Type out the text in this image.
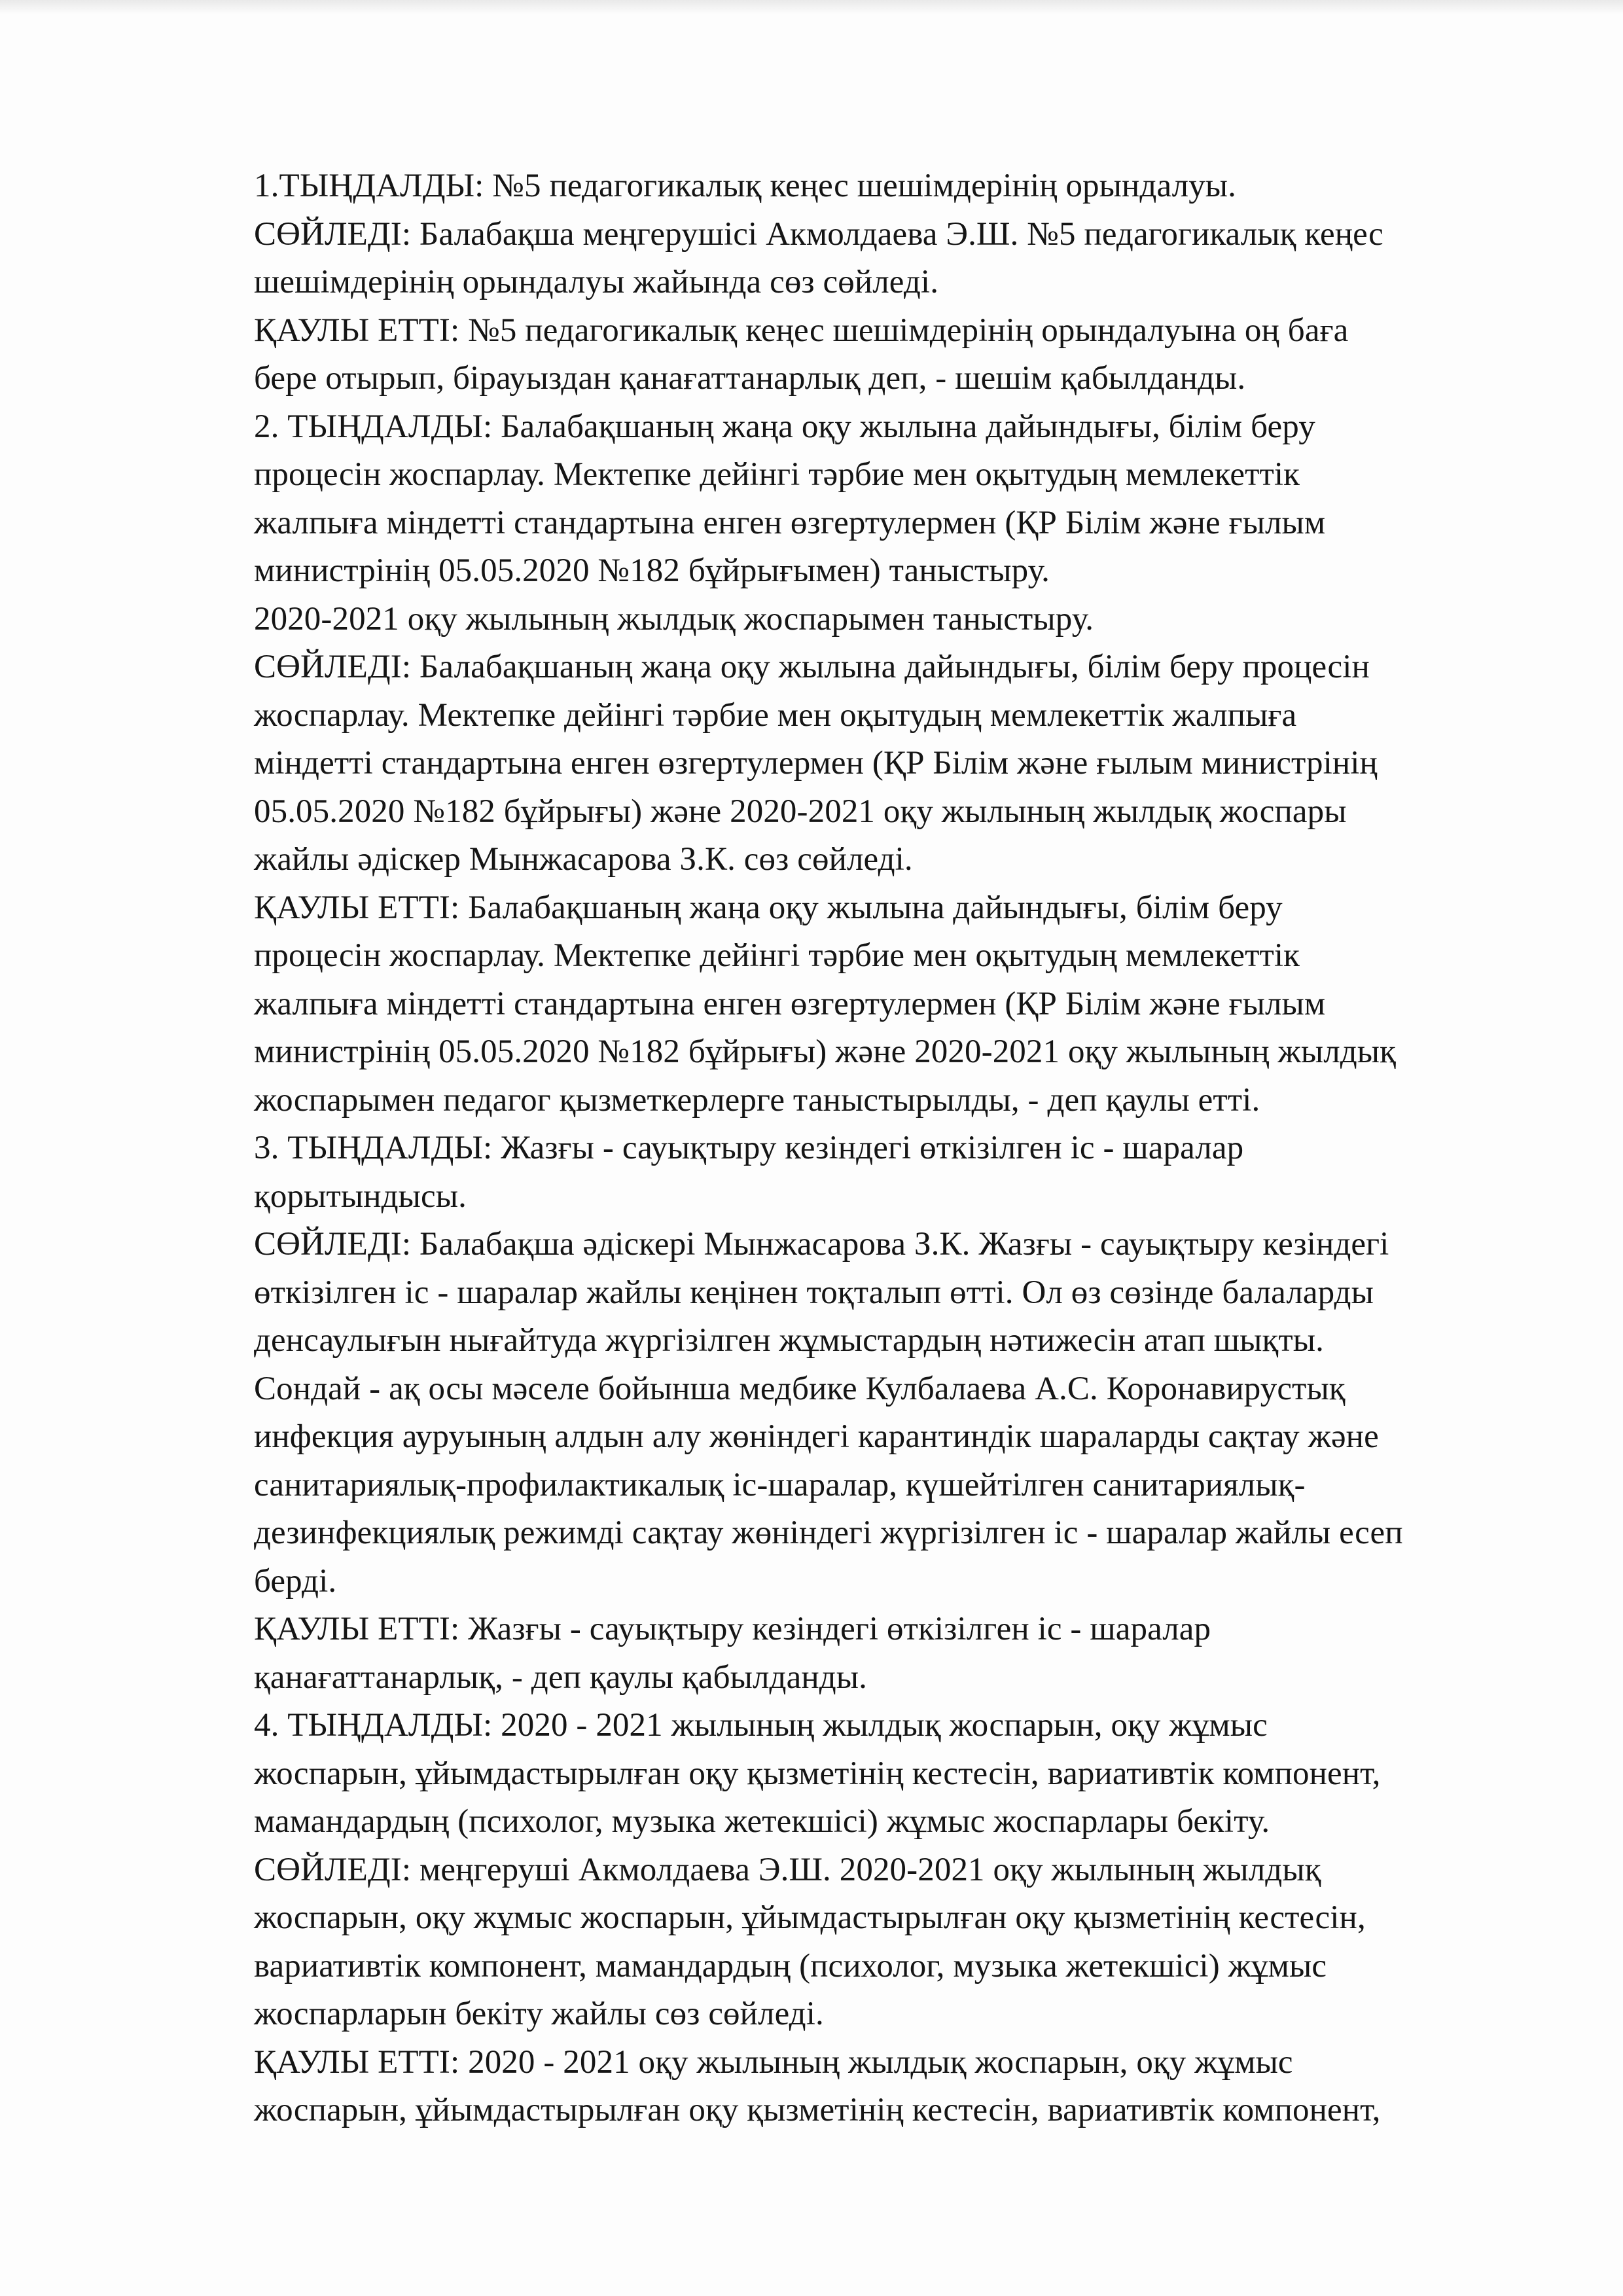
1.ТЫҢДАЛДЫ: №5 педагогикалық кеңес шешімдерінің орындалуы.
СӨЙЛЕДІ: Балабақша меңгерушісі Акмолдаева Э.Ш. №5 педагогикалық кеңес
шешімдерінің орындалуы жайында сөз сөйледі.
ҚАУЛЫ ЕТТІ: №5 педагогикалық кеңес шешімдерінің орындалуына оң баға
бере отырып, бірауыздан қанағаттанарлық деп, - шешім қабылданды.
2. ТЫҢДАЛДЫ: Балабақшаның жаңа оқу жылына дайындығы, білім беру
процесін жоспарлау. Мектепке дейінгі тәрбие мен оқытудың мемлекеттік
жалпыға міндетті стандартына енген өзгертулермен (ҚР Білім және ғылым
министрінің 05.05.2020 №182 бұйрығымен) таныстыру.
2020-2021 оқу жылының жылдық жоспарымен таныстыру.
СӨЙЛЕДІ: Балабақшаның жаңа оқу жылына дайындығы, білім беру процесін
жоспарлау. Мектепке дейінгі тәрбие мен оқытудың мемлекеттік жалпыға
міндетті стандартына енген өзгертулермен (ҚР Білім және ғылым министрінің
05.05.2020 №182 бұйрығы) және 2020-2021 оқу жылының жылдық жоспары
жайлы әдіскер Мынжасарова З.К. сөз сөйледі.
ҚАУЛЫ ЕТТІ: Балабақшаның жаңа оқу жылына дайындығы, білім беру
процесін жоспарлау. Мектепке дейінгі тәрбие мен оқытудың мемлекеттік
жалпыға міндетті стандартына енген өзгертулермен (ҚР Білім және ғылым
министрінің 05.05.2020 №182 бұйрығы) және 2020-2021 оқу жылының жылдық
жоспарымен педагог қызметкерлерге таныстырылды, - деп қаулы етті.
3. ТЫҢДАЛДЫ: Жазғы - сауықтыру кезіндегі өткізілген іс - шаралар
қорытындысы.
СӨЙЛЕДІ: Балабақша әдіскері Мынжасарова З.К. Жазғы - сауықтыру кезіндегі
өткізілген іс - шаралар жайлы кеңінен тоқталып өтті. Ол өз сөзінде балаларды
денсаулығын нығайтуда жүргізілген жұмыстардың нәтижесін атап шықты.
Сондай - ақ осы мәселе бойынша медбике Кулбалаева А.С. Коронавирустық
инфекция ауруының алдын алу жөніндегі карантиндік шараларды сақтау және
санитариялық-профилактикалық іс-шаралар, күшейтілген санитариялық-
дезинфекциялық режимді сақтау жөніндегі жүргізілген іс - шаралар жайлы есеп
берді.
ҚАУЛЫ ЕТТІ: Жазғы - сауықтыру кезіндегі өткізілген іс - шаралар
қанағаттанарлық, - деп қаулы қабылданды.
4. ТЫҢДАЛДЫ: 2020 - 2021 жылының жылдық жоспарын, оқу жұмыс
жоспарын, ұйымдастырылған оқу қызметінің кестесін, вариативтік компонент,
мамандардың (психолог, музыка жетекшісі) жұмыс жоспарлары бекіту.
СӨЙЛЕДІ: меңгеруші Акмолдаева Э.Ш. 2020-2021 оқу жылының жылдық
жоспарын, оқу жұмыс жоспарын, ұйымдастырылған оқу қызметінің кестесін,
вариативтік компонент, мамандардың (психолог, музыка жетекшісі) жұмыс
жоспарларын бекіту жайлы сөз сөйледі.
ҚАУЛЫ ЕТТІ: 2020 - 2021 оқу жылының жылдық жоспарын, оқу жұмыс
жоспарын, ұйымдастырылған оқу қызметінің кестесін, вариативтік компонент,
